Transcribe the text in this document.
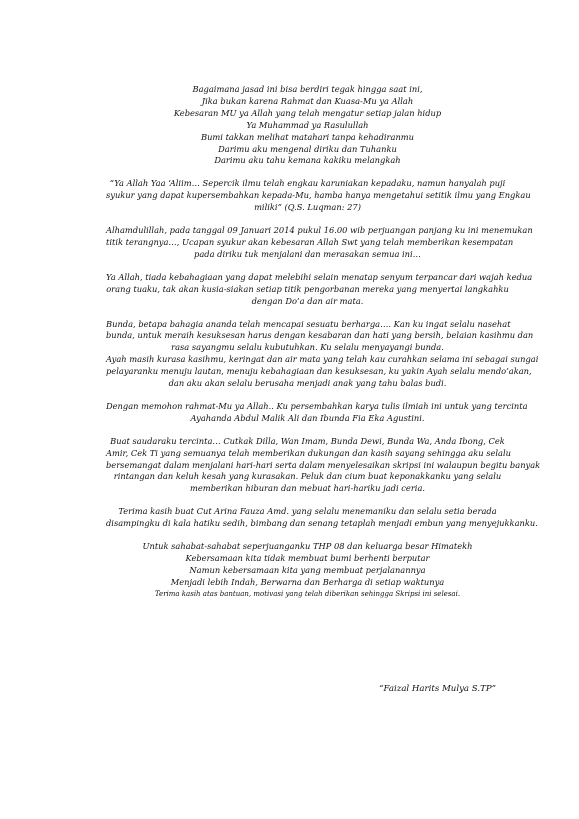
Bagaimana jasad ini bisa berdiri tegak hingga saat ini,
Jika bukan karena Rahmat dan Kuasa-Mu ya Allah
Kebesaran MU ya Allah yang telah mengatur setiap jalan hidup
Ya Muhammad ya Rasulullah
Bumi takkan melihat matahari tanpa kehadiranmu
Darimu aku mengenal diriku dan Tuhanku
Darimu aku tahu kemana kakiku melangkah
“Ya Allah Yaa ‘Aliim… Sepercik ilmu telah engkau karuniakan kepadaku, namun hanyalah puji
syukur yang dapat kupersembahkan kepada-Mu, hamba hanya mengetahui setitik ilmu yang Engkau
miliki” (Q.S. Luqman: 27)
Alhamdulillah, pada tanggal 09 Januari 2014 pukul 16.00 wib perjuangan panjang ku ini menemukan
titik terangnya…, Ucapan syukur akan kebesaran Allah Swt yang telah memberikan kesempatan
pada diriku tuk menjalani dan merasakan semua ini…
Ya Allah, tiada kebahagiaan yang dapat melebihi selain menatap senyum terpancar dari wajah kedua
orang tuaku, tak akan kusia-siakan setiap titik pengorbanan mereka yang menyertai langkahku
dengan Do’a dan air mata.
Bunda, betapa bahagia ananda telah mencapai sesuatu berharga…. Kan ku ingat selalu nasehat
bunda, untuk meraih kesuksesan harus dengan kesabaran dan hati yang bersih, belaian kasihmu dan
rasa sayangmu selalu kubutuhkan. Ku selalu menyayangi bunda.
Ayah masih kurasa kasihmu, keringat dan air mata yang telah kau curahkan selama ini sebagai sungai
pelayaranku menuju lautan, menuju kebahagiaan dan kesuksesan, ku yakin Ayah selalu mendo’akan,
dan aku akan selalu berusaha menjadi anak yang tahu balas budi.
Dengan memohon rahmat-Mu ya Allah.. Ku persembahkan karya tulis ilmiah ini untuk yang tercinta
Ayahanda Abdul Malik Ali dan Ibunda Fia Eka Agustini.
Buat saudaraku tercinta… Cutkak Dilla, Wan Imam, Bunda Dewi, Bunda Wa, Anda Ibong, Cek
Amir, Cek Ti yang semuanya telah memberikan dukungan dan kasih sayang sehingga aku selalu
bersemangat dalam menjalani hari-hari serta dalam menyelesaikan skripsi ini walaupun begitu banyak
rintangan dan keluh kesah yang kurasakan. Peluk dan cium buat keponakkanku yang selalu
memberikan hiburan dan mebuat hari-hariku jadi ceria.
Terima kasih buat Cut Arina Fauza Amd. yang selalu menemaniku dan selalu setia berada
disampingku di kala hatiku sedih, bimbang dan senang tetaplah menjadi embun yang menyejukkanku.
Untuk sahabat-sahabat seperjuanganku THP 08 dan keluarga besar Himatekh
Kebersamaan kita tidak membuat bumi berhenti berputar
Namun kebersamaan kita yang membuat perjalanannya
Menjadi lebih Indah, Berwarna dan Berharga di setiap waktunya
Terima kasih atas bantuan, motivasi yang telah diberikan sehingga Skripsi ini selesai.
“Faizal Harits Mulya S.TP”
